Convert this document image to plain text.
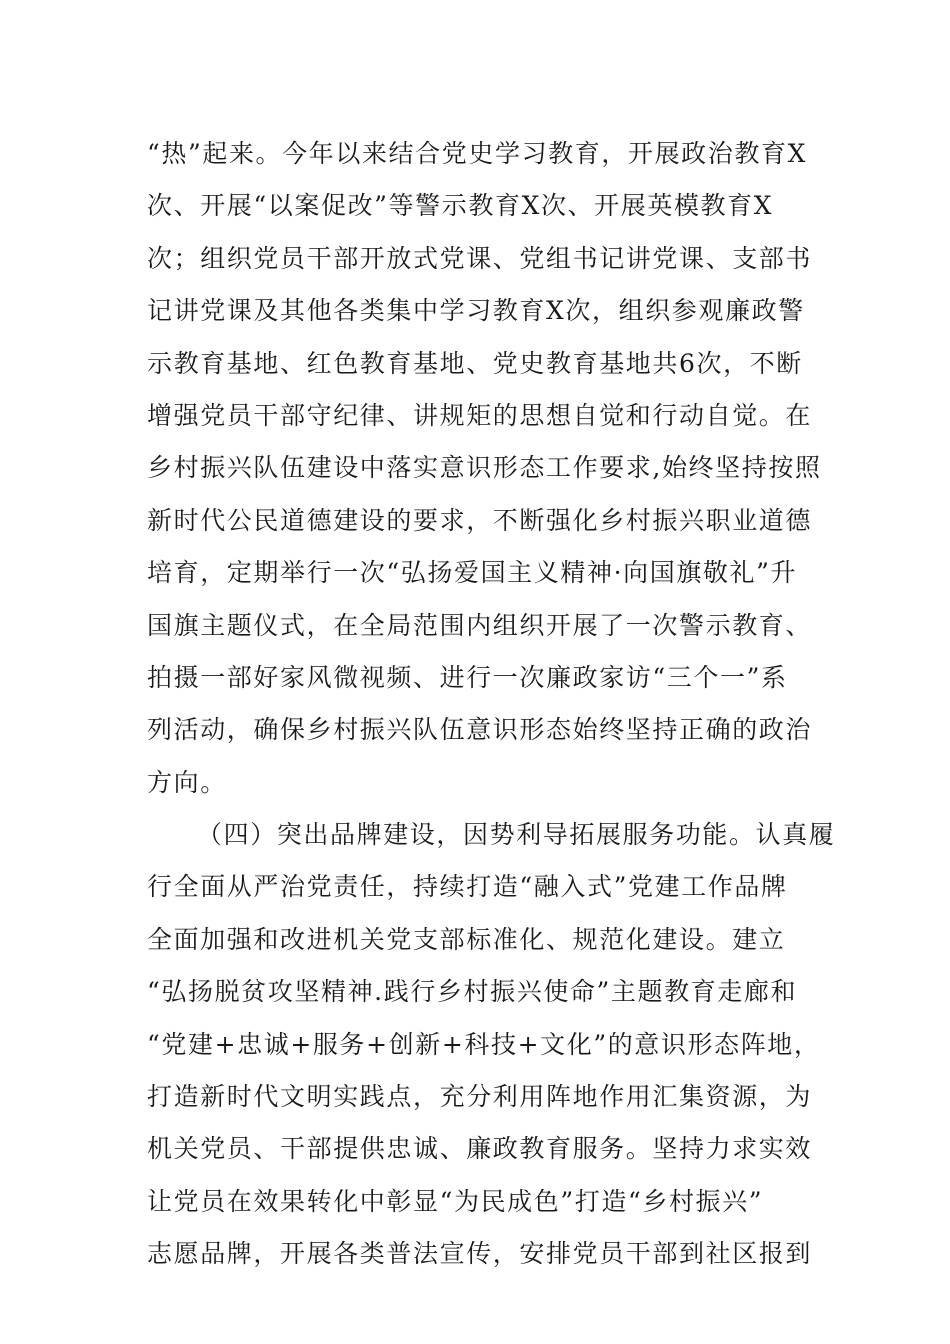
“热”起来。今年以来结合党史学习教育，开展政治教育X
次、开展“以案促改”等警示教育X次、开展英模教育X
次；组织党员干部开放式党课、党组书记讲党课、支部书
记讲党课及其他各类集中学习教育X次，组织参观廉政警
示教育基地、红色教育基地、党史教育基地共6次，不断
增强党员干部守纪律、讲规矩的思想自觉和行动自觉。在
乡村振兴队伍建设中落实意识形态工作要求,始终坚持按照
新时代公民道德建设的要求，不断强化乡村振兴职业道德
培育，定期举行一次“弘扬爱国主义精神·向国旗敬礼”升
国旗主题仪式，在全局范围内组织开展了一次警示教育、
拍摄一部好家风微视频、进行一次廉政家访“三个一”系
列活动，确保乡村振兴队伍意识形态始终坚持正确的政治
方向。
（四）突出品牌建设，因势利导拓展服务功能。认真履
行全面从严治党责任，持续打造“融入式”党建工作品牌
全面加强和改进机关党支部标准化、规范化建设。建立
“弘扬脱贫攻坚精神.践行乡村振兴使命”主题教育走廊和
“党建+忠诚+服务+创新+科技+文化”的意识形态阵地，
打造新时代文明实践点，充分利用阵地作用汇集资源，为
机关党员、干部提供忠诚、廉政教育服务。坚持力求实效
让党员在效果转化中彰显“为民成色”打造“乡村振兴”
志愿品牌，开展各类普法宣传，安排党员干部到社区报到
